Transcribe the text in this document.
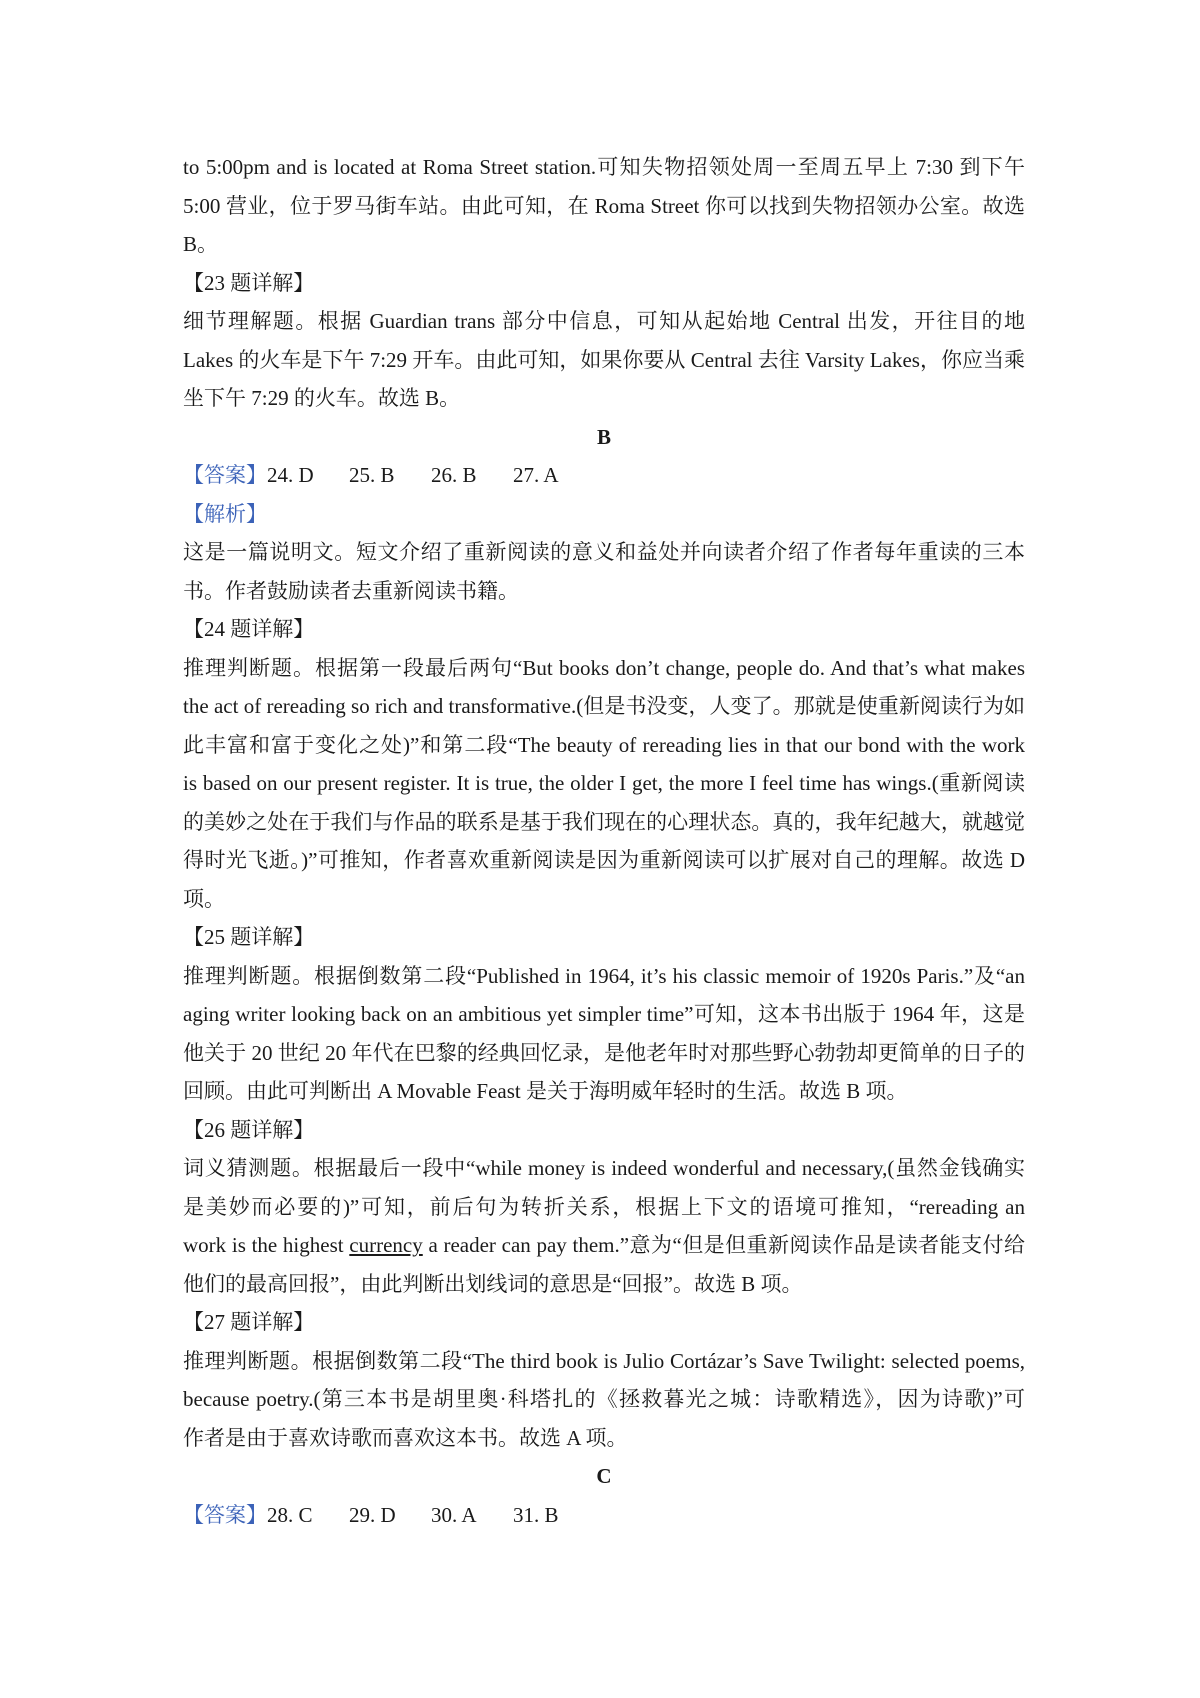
to 5:00pm and is located at Roma Street station.可知失物招领处周一至周五早上 7:30 到下午
5:00 营业，位于罗马街车站。由此可知，在 Roma Street 你可以找到失物招领办公室。故选
B。
【23 题详解】
细节理解题。根据 Guardian trans 部分中信息，可知从起始地 Central 出发，开往目的地
Lakes 的火车是下午 7:29 开车。由此可知，如果你要从 Central 去往 Varsity Lakes，你应当乘
坐下午 7:29 的火车。故选 B。
B
【答案】24. D 25. B 26. B 27. A
【解析】
这是一篇说明文。短文介绍了重新阅读的意义和益处并向读者介绍了作者每年重读的三本
书。作者鼓励读者去重新阅读书籍。
【24 题详解】
推理判断题。根据第一段最后两句“But books don’t change, people do. And that’s what makes
the act of rereading so rich and transformative.(但是书没变，人变了。那就是使重新阅读行为如
此丰富和富于变化之处)”和第二段“The beauty of rereading lies in that our bond with the work
is based on our present register. It is true, the older I get, the more I feel time has wings.(重新阅读
的美妙之处在于我们与作品的联系是基于我们现在的心理状态。真的，我年纪越大，就越觉
得时光飞逝。)”可推知，作者喜欢重新阅读是因为重新阅读可以扩展对自己的理解。故选 D
项。
【25 题详解】
推理判断题。根据倒数第二段“Published in 1964, it’s his classic memoir of 1920s Paris.”及“an
aging writer looking back on an ambitious yet simpler time”可知，这本书出版于 1964 年，这是
他关于 20 世纪 20 年代在巴黎的经典回忆录，是他老年时对那些野心勃勃却更简单的日子的
回顾。由此可判断出 A Movable Feast 是关于海明威年轻时的生活。故选 B 项。
【26 题详解】
词义猜测题。根据最后一段中“while money is indeed wonderful and necessary,(虽然金钱确实
是美妙而必要的)”可知，前后句为转折关系，根据上下文的语境可推知，“rereading an
work is the highest currency a reader can pay them.”意为“但是但重新阅读作品是读者能支付给
他们的最高回报”，由此判断出划线词的意思是“回报”。故选 B 项。
【27 题详解】
推理判断题。根据倒数第二段“The third book is Julio Cortázar’s Save Twilight: selected poems,
because poetry.(第三本书是胡里奥·科塔扎的《拯救暮光之城：诗歌精选》，因为诗歌)”可
作者是由于喜欢诗歌而喜欢这本书。故选 A 项。
C
【答案】28. C 29. D 30. A 31. B
